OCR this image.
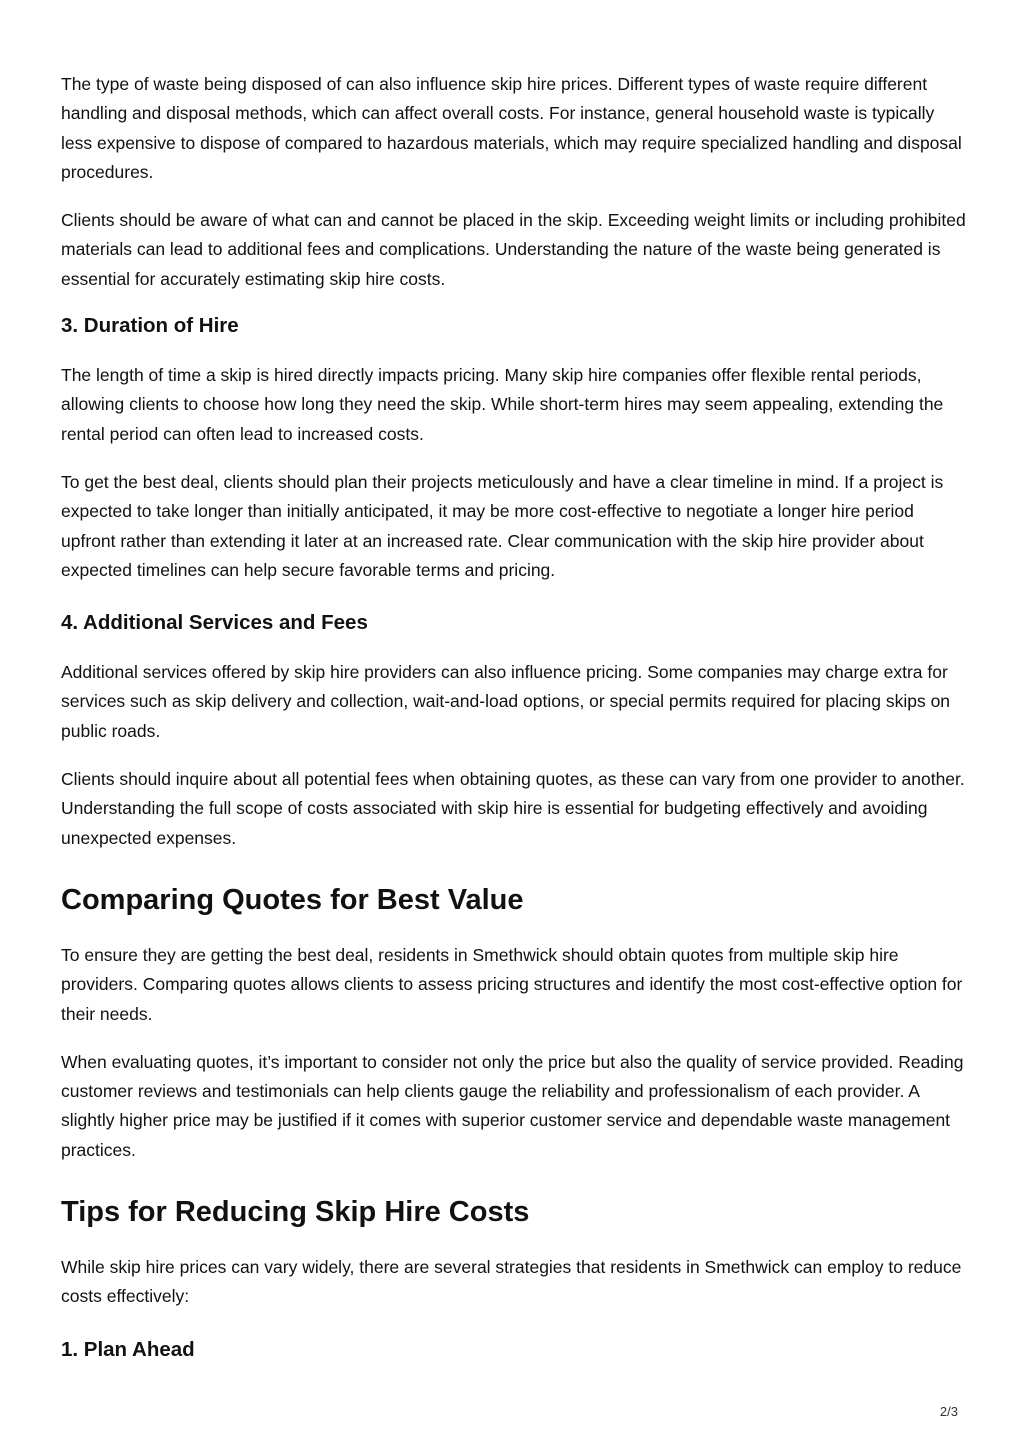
The type of waste being disposed of can also influence skip hire prices. Different types of waste require different handling and disposal methods, which can affect overall costs. For instance, general household waste is typically less expensive to dispose of compared to hazardous materials, which may require specialized handling and disposal procedures.

Clients should be aware of what can and cannot be placed in the skip. Exceeding weight limits or including prohibited materials can lead to additional fees and complications. Understanding the nature of the waste being generated is essential for accurately estimating skip hire costs.

3. Duration of Hire

The length of time a skip is hired directly impacts pricing. Many skip hire companies offer flexible rental periods, allowing clients to choose how long they need the skip. While short-term hires may seem appealing, extending the rental period can often lead to increased costs.

To get the best deal, clients should plan their projects meticulously and have a clear timeline in mind. If a project is expected to take longer than initially anticipated, it may be more cost-effective to negotiate a longer hire period upfront rather than extending it later at an increased rate. Clear communication with the skip hire provider about expected timelines can help secure favorable terms and pricing.

4. Additional Services and Fees

Additional services offered by skip hire providers can also influence pricing. Some companies may charge extra for services such as skip delivery and collection, wait-and-load options, or special permits required for placing skips on public roads.

Clients should inquire about all potential fees when obtaining quotes, as these can vary from one provider to another. Understanding the full scope of costs associated with skip hire is essential for budgeting effectively and avoiding unexpected expenses.

Comparing Quotes for Best Value

To ensure they are getting the best deal, residents in Smethwick should obtain quotes from multiple skip hire providers. Comparing quotes allows clients to assess pricing structures and identify the most cost-effective option for their needs.

When evaluating quotes, it’s important to consider not only the price but also the quality of service provided. Reading customer reviews and testimonials can help clients gauge the reliability and professionalism of each provider. A slightly higher price may be justified if it comes with superior customer service and dependable waste management practices.

Tips for Reducing Skip Hire Costs

While skip hire prices can vary widely, there are several strategies that residents in Smethwick can employ to reduce costs effectively:

1. Plan Ahead
2/3
